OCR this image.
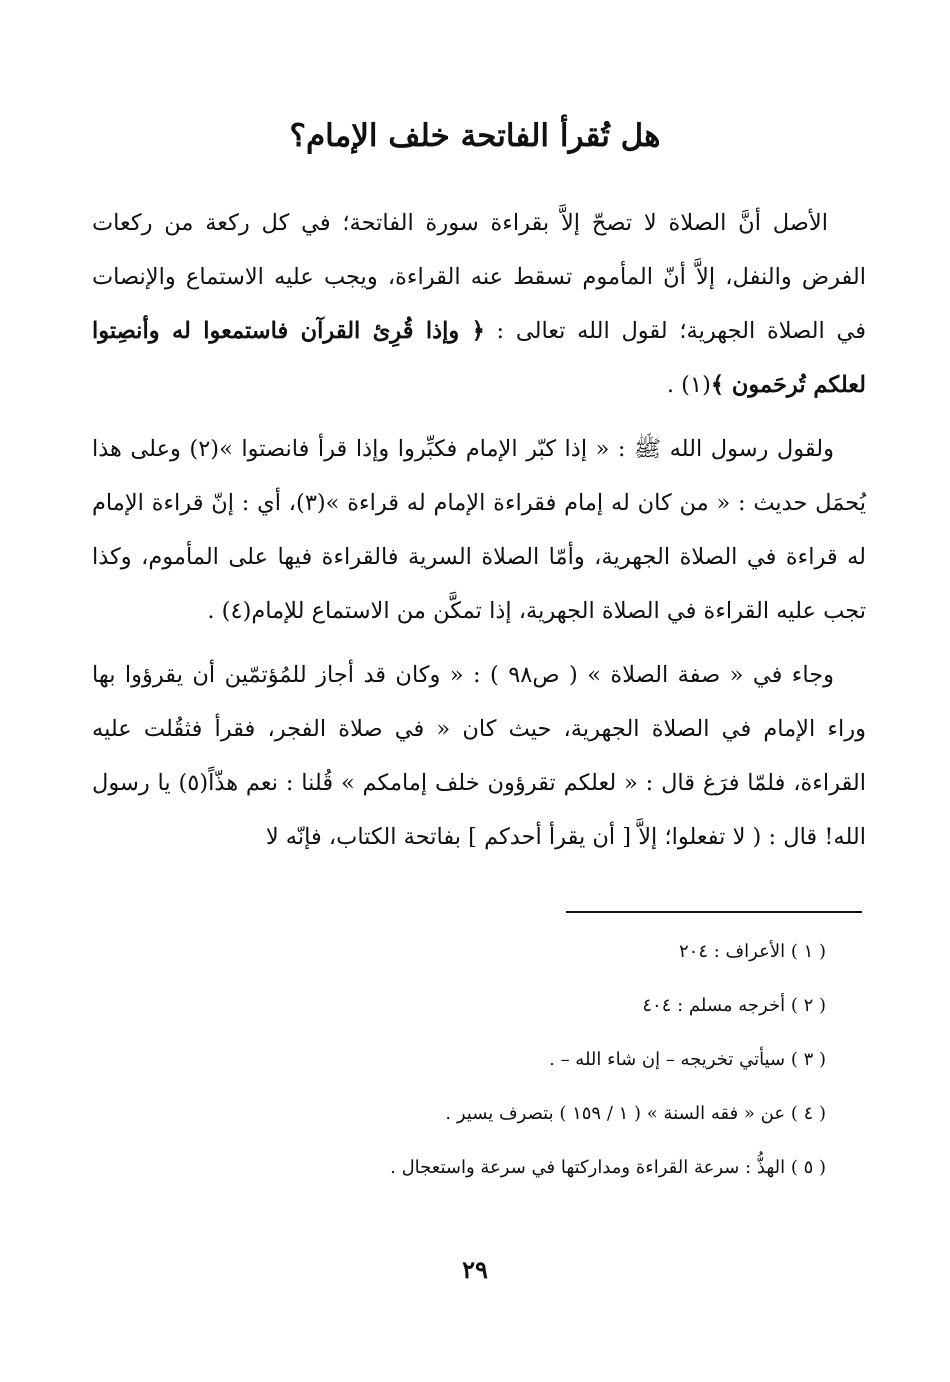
هل تُقرأ الفاتحة خلف الإمام؟

الأصل أنَّ الصلاة لا تصحّ إلاَّ بقراءة سورة الفاتحة؛ في كل ركعة من ركعات الفرض والنفل، إلاَّ أنّ المأموم تسقط عنه القراءة، ويجب عليه الاستماع والإنصات في الصلاة الجهرية؛ لقول الله تعالى : ﴿ وإذا قُرِئ القرآن فاستمعوا له وأنصِتوا لعلكم تُرحَمون ﴾(١) .

ولقول رسول الله ﷺ : « إذا كبّر الإمام فكبِّروا وإذا قرأ فانصتوا »(٢) وعلى هذا يُحمَل حديث : « من كان له إمام فقراءة الإمام له قراءة »(٣)، أي : إنّ قراءة الإمام له قراءة في الصلاة الجهرية، وأمّا الصلاة السرية فالقراءة فيها على المأموم، وكذا تجب عليه القراءة في الصلاة الجهرية، إذا تمكَّن من الاستماع للإمام(٤) .

وجاء في « صفة الصلاة » ( ص٩٨ ) : « وكان قد أجاز للمُؤتمّين أن يقرؤوا بها وراء الإمام في الصلاة الجهرية، حيث كان « في صلاة الفجر، فقرأ فثقُلت عليه القراءة، فلمّا فرَغ قال : « لعلكم تقرؤون خلف إمامكم » قُلنا : نعم هذّاً(٥) يا رسول الله! قال : ( لا تفعلوا؛ إلاَّ [ أن يقرأ أحدكم ] بفاتحة الكتاب، فإنّه لا

( ١ ) الأعراف : ٢٠٤
( ٢ ) أخرجه مسلم : ٤٠٤
( ٣ ) سيأتي تخريجه – إن شاء الله – .
( ٤ ) عن « فقه السنة » ( ١ / ١٥٩ ) بتصرف يسير .
( ٥ ) الهذُّ : سرعة القراءة ومداركتها في سرعة واستعجال .
٢٩
